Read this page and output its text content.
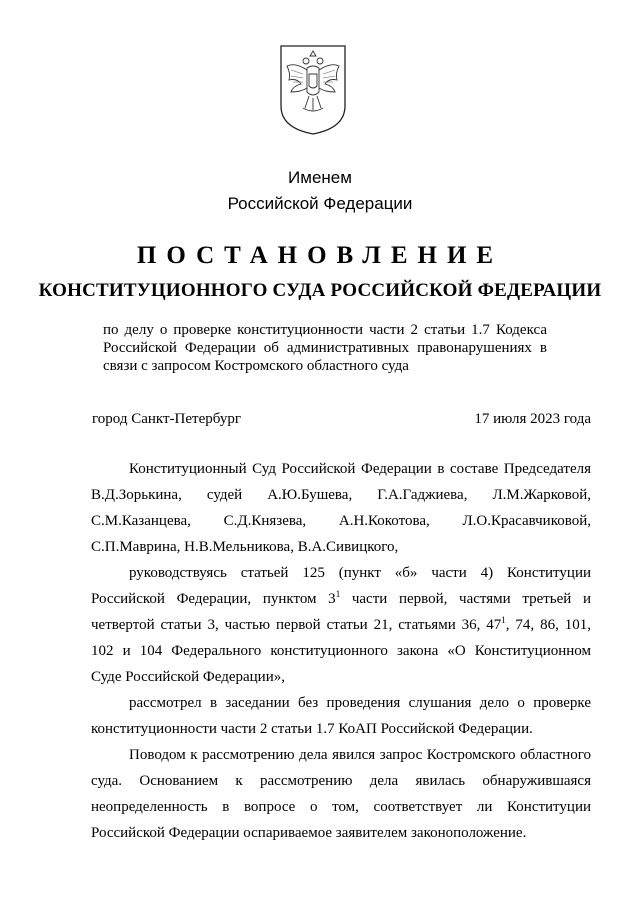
Именем
Российской Федерации
ПОСТАНОВЛЕНИЕ
КОНСТИТУЦИОННОГО СУДА РОССИЙСКОЙ ФЕДЕРАЦИИ
по делу о проверке конституционности части 2 статьи 1.7 Кодекса
Российской Федерации об административных правонарушениях в
связи с запросом Костромского областного суда
город Санкт-Петербург	17 июля 2023 года
Конституционный Суд Российской Федерации в составе Председателя
В.Д.Зорькина, судей А.Ю.Бушева, Г.А.Гаджиева, Л.М.Жарковой,
С.М.Казанцева, С.Д.Князева, А.Н.Кокотова, Л.О.Красавчиковой,
С.П.Маврина, Н.В.Мельникова, В.А.Сивицкого,
руководствуясь статьей 125 (пункт «б» части 4) Конституции
Российской Федерации, пунктом $3^1$ части первой, частями третьей и
четвертой статьи 3, частью первой статьи 21, статьями 36, $47^1$, 74, 86, 101,
102 и 104 Федерального конституционного закона «О Конституционном
Суде Российской Федерации»,
рассмотрел в заседании без проведения слушания дело о проверке
конституционности части 2 статьи 1.7 КоАП Российской Федерации.
Поводом к рассмотрению дела явился запрос Костромского областного
суда. Основанием к рассмотрению дела явилась обнаружившаяся
неопределенность в вопросе о том, соответствует ли Конституции
Российской Федерации оспариваемое заявителем законоположение.
